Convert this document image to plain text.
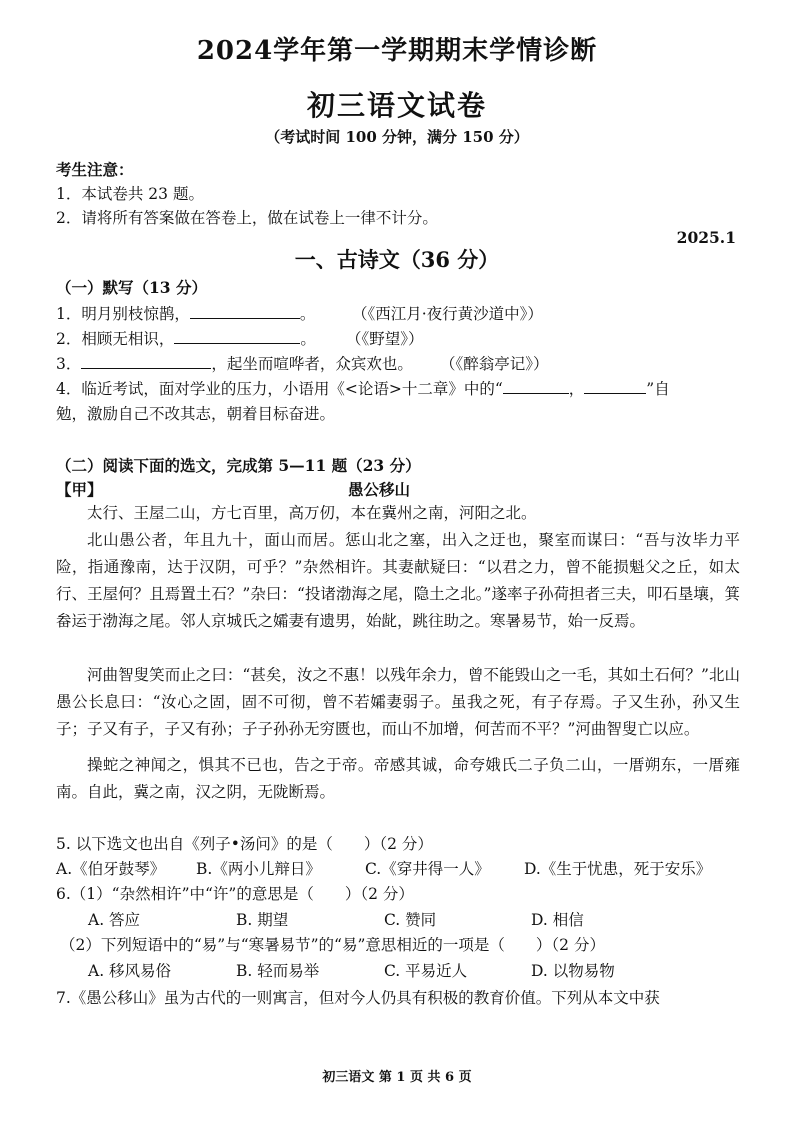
2024学年第一学期期末学情诊断
初三语文试卷
（考试时间 100 分钟，满分 150 分）
考生注意：
1．本试卷共 23 题。
2．请将所有答案做在答卷上，做在试卷上一律不计分。
2025.1
一、古诗文（36 分）
（一）默写（13 分）
1．明月别枝惊鹊，	。 （《西江月·夜行黄沙道中》）
2．相顾无相识，	。 （《野望》）
3．	，起坐而喧哗者，众宾欢也。 （《醉翁亭记》）
4．临近考试，面对学业的压力，小语用《<论语>十二章》中的“	，	”自
勉，激励自己不改其志，朝着目标奋进。
（二）阅读下面的选文，完成第 5—11 题（23 分）
【甲】	愚公移山
太行、王屋二山，方七百里，高万仞，本在冀州之南，河阳之北。
北山愚公者，年且九十，面山而居。惩山北之塞，出入之迂也，聚室而谋曰：“吾与汝毕力平险，指通豫南，达于汉阴，可乎？”杂然相许。其妻献疑曰：“以君之力，曾不能损魁父之丘，如太行、王屋何？且焉置土石？”杂曰：“投诸渤海之尾，隐土之北。”遂率子孙荷担者三夫，叩石垦壤，箕畚运于渤海之尾。邻人京城氏之孀妻有遗男，始龀，跳往助之。寒暑易节，始一反焉。
河曲智叟笑而止之曰：“甚矣，汝之不惠！以残年余力，曾不能毁山之一毛，其如土石何？”北山愚公长息曰：“汝心之固，固不可彻，曾不若孀妻弱子。虽我之死，有子存焉。子又生孙，孙又生子；子又有子，子又有孙；子子孙孙无穷匮也，而山不加增，何苦而不平？”河曲智叟亡以应。
操蛇之神闻之，惧其不已也，告之于帝。帝感其诚，命夸娥氏二子负二山，一厝朔东，一厝雍南。自此，冀之南，汉之阴，无陇断焉。
5. 以下选文也出自《列子•汤问》的是（　　）（2 分）
A.《伯牙鼓琴》 B.《两小儿辩日》	C.《穿井得一人》 D.《生于忧患，死于安乐》
6.（1）“杂然相许”中“许”的意思是（　　）（2 分）
A. 答应	B. 期望	C. 赞同	D. 相信
（2）下列短语中的“易”与“寒暑易节”的“易”意思相近的一项是（　　）（2 分）
A. 移风易俗	B. 轻而易举	C. 平易近人	D. 以物易物
7.《愚公移山》虽为古代的一则寓言，但对今人仍具有积极的教育价值。下列从本文中获
初三语文 第 1 页 共 6 页
